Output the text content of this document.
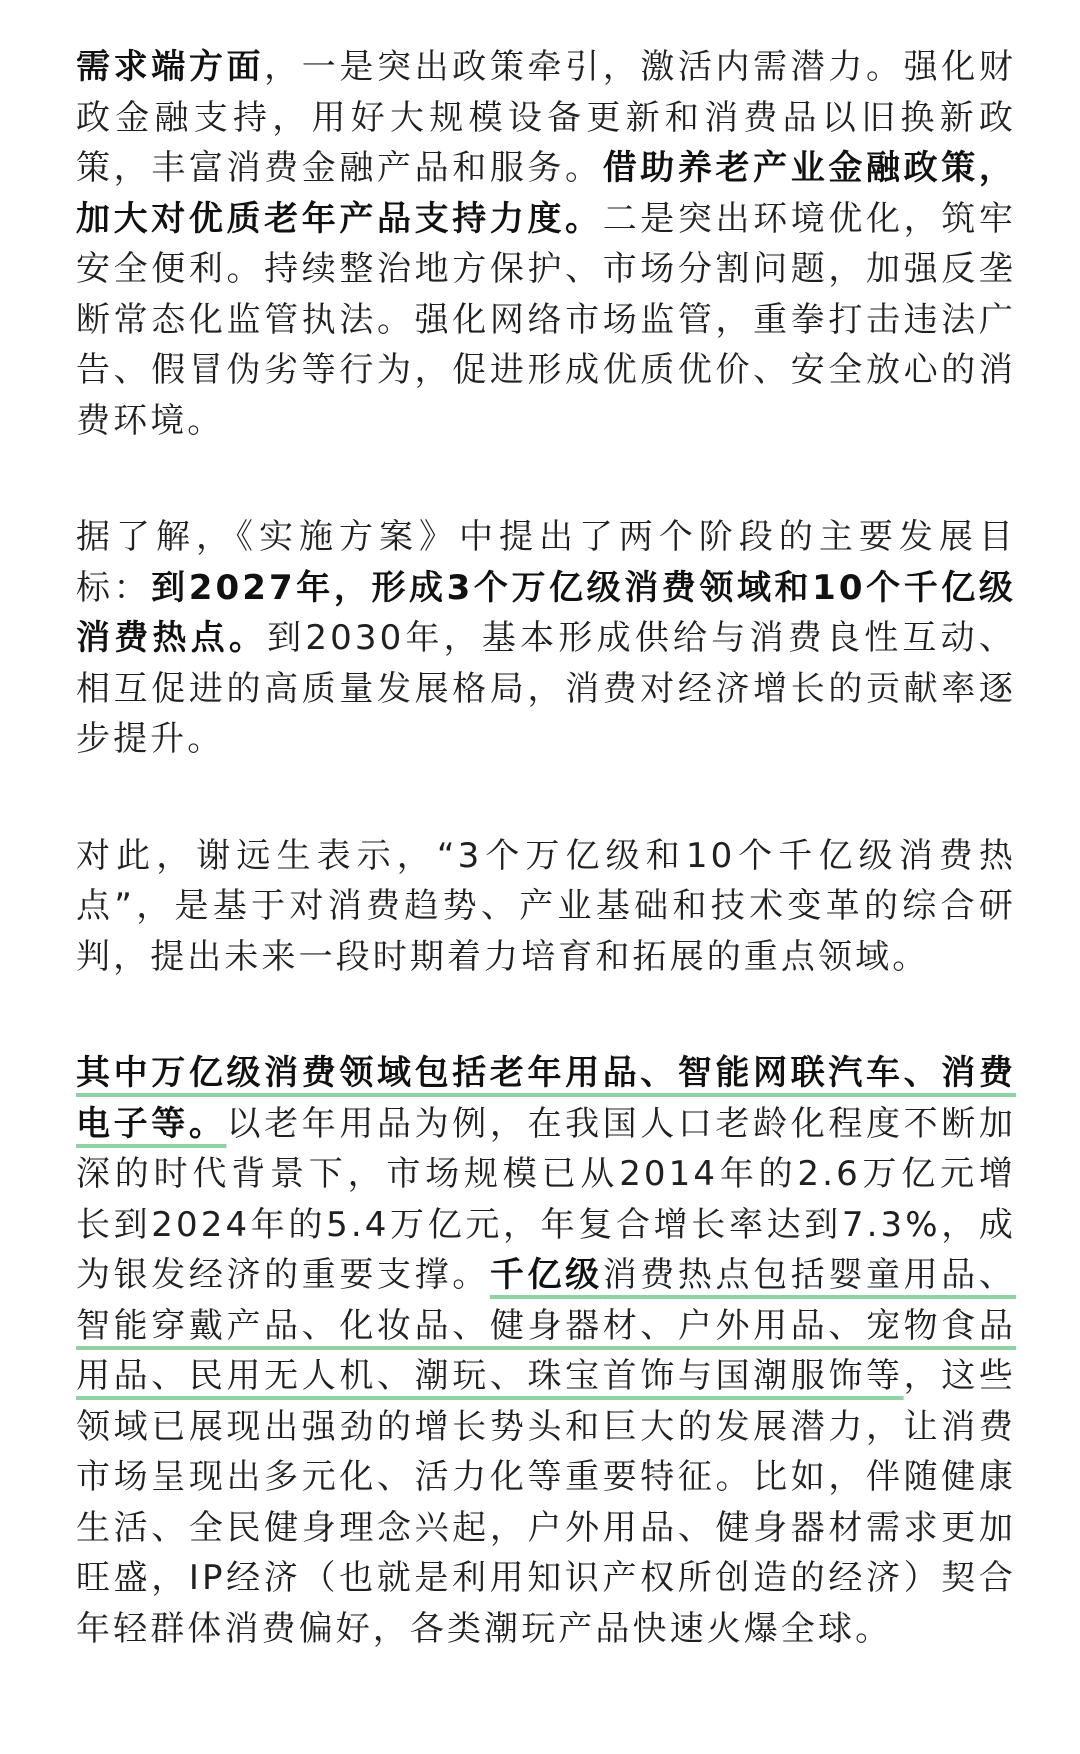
需求端方面，一是突出政策牵引，激活内需潜力。强化财政金融支持，用好大规模设备更新和消费品以旧换新政策，丰富消费金融产品和服务。借助养老产业金融政策，加大对优质老年产品支持力度。二是突出环境优化，筑牢安全便利。持续整治地方保护、市场分割问题，加强反垄断常态化监管执法。强化网络市场监管，重拳打击违法广告、假冒伪劣等行为，促进形成优质优价、安全放心的消费环境。

据了解，《实施方案》中提出了两个阶段的主要发展目标：到2027年，形成3个万亿级消费领域和10个千亿级消费热点。到2030年，基本形成供给与消费良性互动、相互促进的高质量发展格局，消费对经济增长的贡献率逐步提升。

对此，谢远生表示，“3个万亿级和10个千亿级消费热点”，是基于对消费趋势、产业基础和技术变革的综合研判，提出未来一段时期着力培育和拓展的重点领域。

其中万亿级消费领域包括老年用品、智能网联汽车、消费电子等。以老年用品为例，在我国人口老龄化程度不断加深的时代背景下，市场规模已从2014年的2.6万亿元增长到2024年的5.4万亿元，年复合增长率达到7.3%，成为银发经济的重要支撑。千亿级消费热点包括婴童用品、智能穿戴产品、化妆品、健身器材、户外用品、宠物食品用品、民用无人机、潮玩、珠宝首饰与国潮服饰等，这些领域已展现出强劲的增长势头和巨大的发展潜力，让消费市场呈现出多元化、活力化等重要特征。比如，伴随健康生活、全民健身理念兴起，户外用品、健身器材需求更加旺盛，IP经济（也就是利用知识产权所创造的经济）契合年轻群体消费偏好，各类潮玩产品快速火爆全球。
